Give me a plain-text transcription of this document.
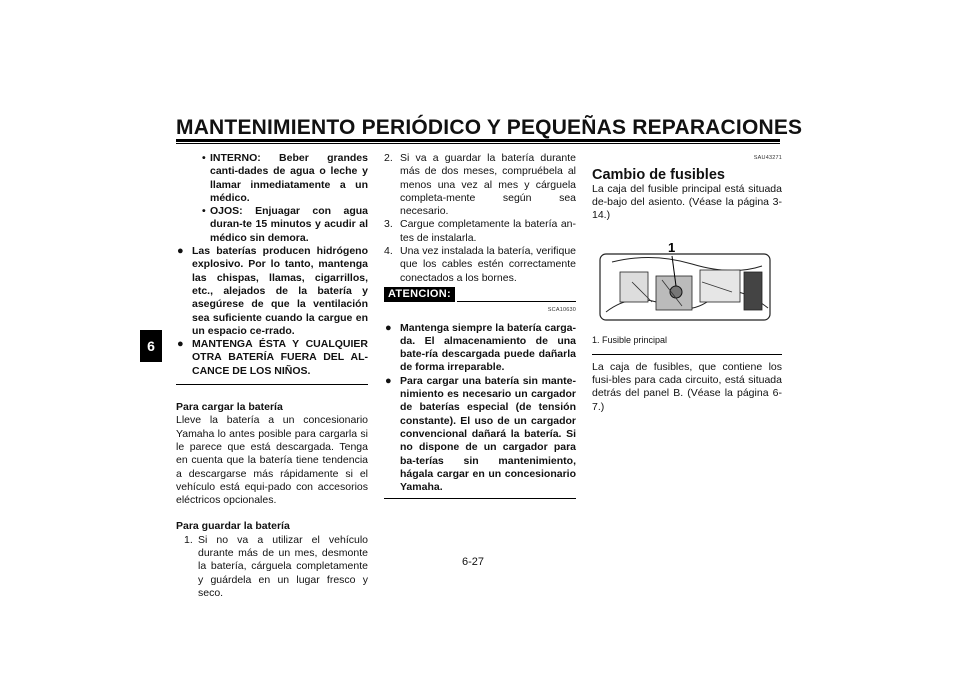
MANTENIMIENTO PERIÓDICO Y PEQUEÑAS REPARACIONES
6
• INTERNO: Beber grandes canti-dades de agua o leche y llamar inmediatamente a un médico.
• OJOS: Enjuagar con agua duran-te 15 minutos y acudir al médico sin demora.
● Las baterías producen hidrógeno explosivo. Por lo tanto, mantenga las chispas, llamas, cigarrillos, etc., alejados de la batería y asegúrese de que la ventilación sea suficiente cuando la cargue en un espacio ce-rrado.
● MANTENGA ÉSTA Y CUALQUIER OTRA BATERÍA FUERA DEL AL-CANCE DE LOS NIÑOS.
Para cargar la batería
Lleve la batería a un concesionario Yamaha lo antes posible para cargarla si le parece que está descargada. Tenga en cuenta que la batería tiene tendencia a descargarse más rápidamente si el vehículo está equi-pado con accesorios eléctricos opcionales.
Para guardar la batería
1. Si no va a utilizar el vehículo durante más de un mes, desmonte la batería, cárguela completamente y guárdela en un lugar fresco y seco.
2. Si va a guardar la batería durante más de dos meses, compruébela al menos una vez al mes y cárguela completa-mente según sea necesario.
3. Cargue completamente la batería an-tes de instalarla.
4. Una vez instalada la batería, verifique que los cables estén correctamente conectados a los bornes.
ATENCION:
SCA10630
● Mantenga siempre la batería carga-da. El almacenamiento de una bate-ría descargada puede dañarla de forma irreparable.
● Para cargar una batería sin mante-nimiento es necesario un cargador de baterías especial (de tensión constante). El uso de un cargador convencional dañará la batería. Si no dispone de un cargador para ba-terías sin mantenimiento, hágala cargar en un concesionario Yamaha.
SAU43271
Cambio de fusibles
La caja del fusible principal está situada de-bajo del asiento. (Véase la página 3-14.)
1
1. Fusible principal
La caja de fusibles, que contiene los fusi-bles para cada circuito, está situada detrás del panel B. (Véase la página 6-7.)
6-27
